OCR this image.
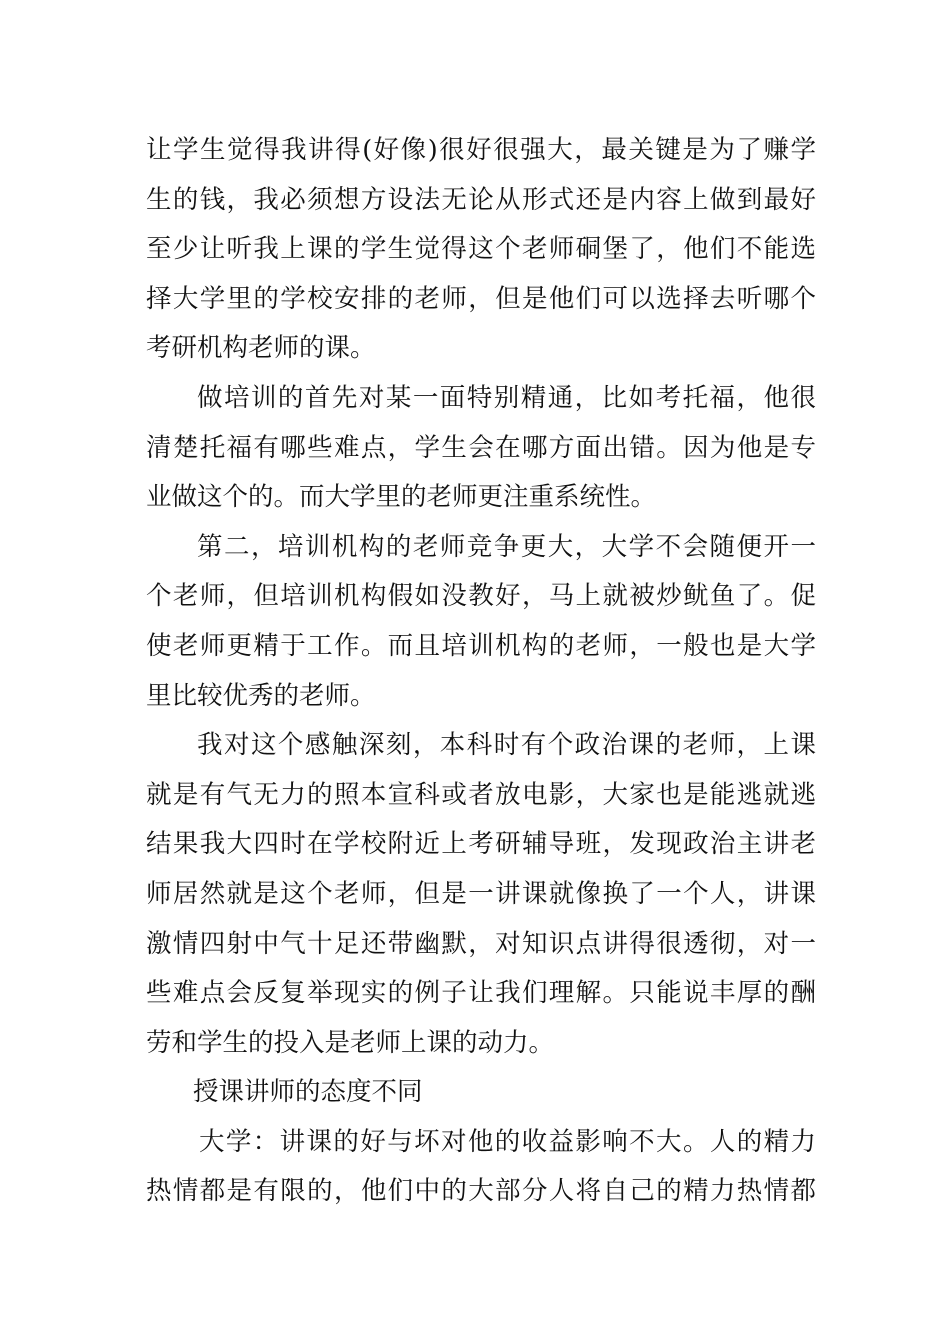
让学生觉得我讲得(好像)很好很强大，最关键是为了赚学
生的钱，我必须想方设法无论从形式还是内容上做到最好
至少让听我上课的学生觉得这个老师硐堡了，他们不能选
择大学里的学校安排的老师，但是他们可以选择去听哪个
考研机构老师的课。
做培训的首先对某一面特别精通，比如考托福，他很
清楚托福有哪些难点，学生会在哪方面出错。因为他是专
业做这个的。而大学里的老师更注重系统性。
第二，培训机构的老师竞争更大，大学不会随便开一
个老师，但培训机构假如没教好，马上就被炒鱿鱼了。促
使老师更精于工作。而且培训机构的老师，一般也是大学
里比较优秀的老师。
我对这个感触深刻，本科时有个政治课的老师，上课
就是有气无力的照本宣科或者放电影，大家也是能逃就逃
结果我大四时在学校附近上考研辅导班，发现政治主讲老
师居然就是这个老师，但是一讲课就像换了一个人，讲课
激情四射中气十足还带幽默，对知识点讲得很透彻，对一
些难点会反复举现实的例子让我们理解。只能说丰厚的酬
劳和学生的投入是老师上课的动力。
授课讲师的态度不同
大学：讲课的好与坏对他的收益影响不大。人的精力
热情都是有限的，他们中的大部分人将自己的精力热情都
